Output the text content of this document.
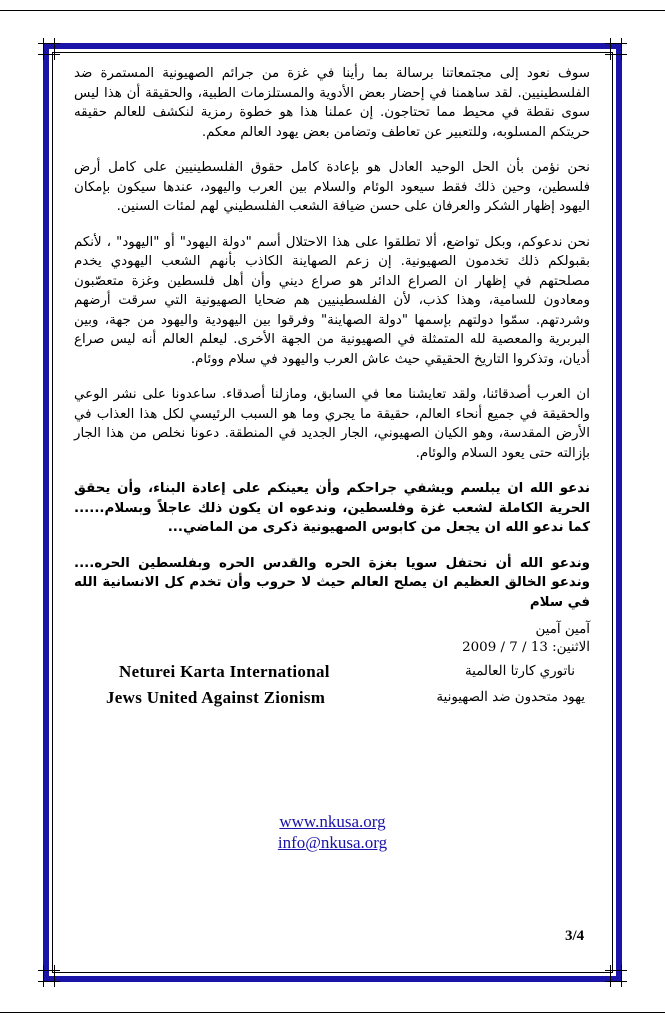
سوف نعود إلى مجتمعاتنا برسالة بما رأينا في غزة من جرائم الصهيونية المستمرة ضد الفلسطينيين. لقد ساهمنا في إحضار بعض الأدوية والمستلزمات الطبية، والحقيقة أن هذا ليس سوى نقطة في محيط مما تحتاجون. إن عملنا هذا هو خطوة رمزية لنكشف للعالم حقيقه حريتكم المسلوبه، وللتعبير عن تعاطف وتضامن بعض يهود العالم معكم.

نحن نؤمن بأن الحل الوحيد العادل هو بإعادة كامل حقوق الفلسطينيين على كامل أرض فلسطين، وحين ذلك فقط سيعود الوئام والسلام بين العرب واليهود، عندها سيكون بإمكان اليهود إظهار الشكر والعرفان على حسن ضيافة الشعب الفلسطيني لهم لمئات السنين.

نحن ندعوكم، وبكل تواضع، ألا تطلقوا على هذا الاحتلال أسم "دولة اليهود" أو "اليهود" ، لأنكم بقبولكم ذلك تخدمون الصهيونية. إن زعم الصهاينة الكاذب بأنهم الشعب اليهودي يخدم مصلحتهم في إظهار ان الصراع الدائر هو صراع ديني وأن أهل فلسطين وغزة متعصّبون ومعادون للسامية، وهذا كذب، لأن الفلسطينيين هم ضحايا الصهيونية التي سرقت أرضهم وشردتهم. سمّوا دولتهم بإسمها "دولة الصهاينة" وفرقوا بين اليهودية واليهود من جهة، وبين البربرية والمعصية لله المتمثلة في الصهيونية من الجهة الأخرى. ليعلم العالم أنه ليس صراع أديان، وتذكروا التاريخ الحقيقي حيث عاش العرب واليهود في سلام ووئام.

ان العرب أصدقائنا، ولقد تعايشنا معا في السابق، ومازلنا أصدقاء. ساعدونا على نشر الوعي والحقيقة في جميع أنحاء العالم، حقيقة ما يجري وما هو السبب الرئيسي لكل هذا العذاب في الأرض المقدسة، وهو الكيان الصهيوني، الجار الجديد في المنطقة. دعونا نخلص من هذا الجار بإزالته حتى يعود السلام والوئام.

ندعو الله ان يبلسم ويشفي جراحكم وأن يعينكم على إعادة البناء، وأن يحقق الحرية الكاملة لشعب غزة وفلسطين، وندعوه ان يكون ذلك عاجلاً وبسلام...... كما ندعو الله ان يجعل من كابوس الصهيونية ذكرى من الماضي...

وندعو الله أن نحتفل سويا بغزة الحره والقدس الحره وبفلسطين الحره.... وندعو الخالق العظيم ان يصلح العالم حيث لا حروب وأن تخدم كل الانسانية الله في سلام

آمين آمين
الاثنين: 13 / 7 / 2009
Neturei Karta International	ناتوري كارتا العالمية
Jews United Against Zionism	يهود متحدون ضد الصهيونية
www.nkusa.org
info@nkusa.org
3/4
